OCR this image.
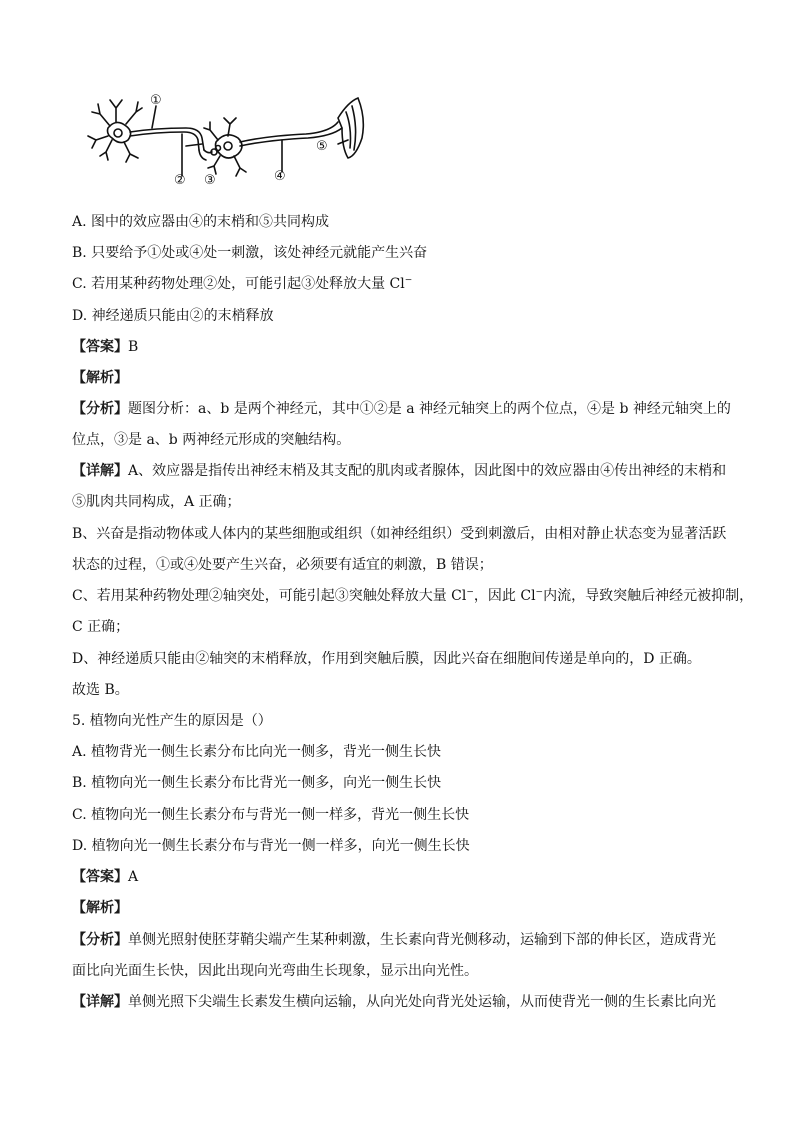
①
② ③	④
⑤
A. 图中的效应器由④的末梢和⑤共同构成
B. 只要给予①处或④处一刺激，该处神经元就能产生兴奋
C. 若用某种药物处理②处，可能引起③处释放大量 Cl−
D. 神经递质只能由②的末梢释放
【答案】B
【解析】
【分析】题图分析：a、b 是两个神经元，其中①②是 a 神经元轴突上的两个位点，④是 b 神经元轴突上的
位点，③是 a、b 两神经元形成的突触结构。
【详解】A、效应器是指传出神经末梢及其支配的肌肉或者腺体，因此图中的效应器由④传出神经的末梢和
⑤肌肉共同构成，A 正确；
B、兴奋是指动物体或人体内的某些细胞或组织（如神经组织）受到刺激后，由相对静止状态变为显著活跃
状态的过程，①或④处要产生兴奋，必须要有适宜的刺激，B 错误；
C、若用某种药物处理②轴突处，可能引起③突触处释放大量 Cl−，因此 Cl−内流，导致突触后神经元被抑制，
C 正确；
D、神经递质只能由②轴突的末梢释放，作用到突触后膜，因此兴奋在细胞间传递是单向的，D 正确。
故选 B。
5. 植物向光性产生的原因是（）
A. 植物背光一侧生长素分布比向光一侧多，背光一侧生长快
B. 植物向光一侧生长素分布比背光一侧多，向光一侧生长快
C. 植物向光一侧生长素分布与背光一侧一样多，背光一侧生长快
D. 植物向光一侧生长素分布与背光一侧一样多，向光一侧生长快
【答案】A
【解析】
【分析】单侧光照射使胚芽鞘尖端产生某种刺激，生长素向背光侧移动，运输到下部的伸长区，造成背光
面比向光面生长快，因此出现向光弯曲生长现象，显示出向光性。
【详解】单侧光照下尖端生长素发生横向运输，从向光处向背光处运输，从而使背光一侧的生长素比向光
